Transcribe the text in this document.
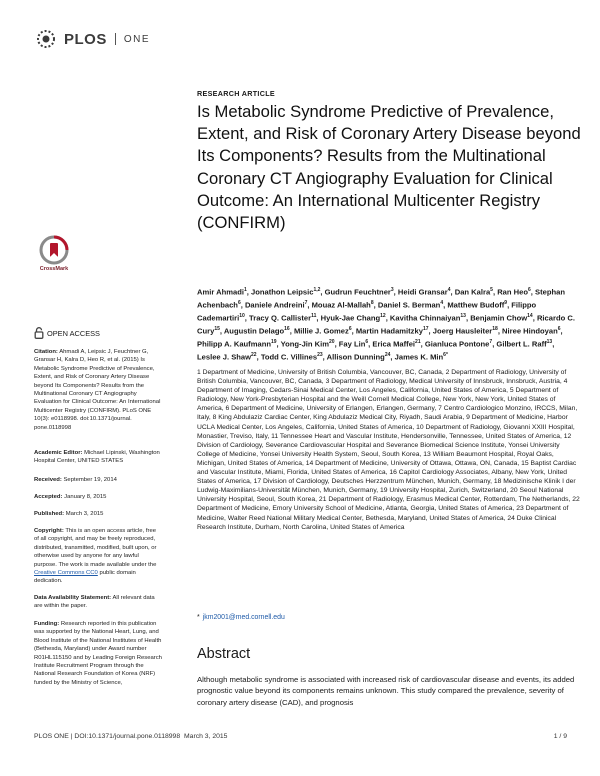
PLOS ONE
RESEARCH ARTICLE
Is Metabolic Syndrome Predictive of Prevalence, Extent, and Risk of Coronary Artery Disease beyond Its Components? Results from the Multinational Coronary CT Angiography Evaluation for Clinical Outcome: An International Multicenter Registry (CONFIRM)
CrossMark

Amir Ahmadi$^1$, Jonathon Leipsic$^{1,2}$, Gudrun Feuchtner$^3$, Heidi Gransar$^4$, Dan Kalra$^5$, Ran Heo$^6$, Stephan Achenbach$^6$, Daniele Andreini$^7$, Mouaz Al-Mallah$^8$, Daniel S. Berman$^4$, Matthew Budoff$^9$, Filippo Cademartiri$^{10}$, Tracy Q. Callister$^{11}$, Hyuk-Jae Chang$^{12}$, Kavitha Chinnaiyan$^{13}$, Benjamin Chow$^{14}$, Ricardo C. Cury$^{15}$, Augustin Delago$^{16}$, Millie J. Gomez$^6$, Martin Hadamitzky$^{17}$, Joerg Hausleiter$^{18}$, Niree Hindoyan$^6$, Philipp A. Kaufmann$^{19}$, Yong-Jin Kim$^{20}$, Fay Lin$^6$, Erica Maffei$^{21}$, Gianluca Pontone$^7$, Gilbert L. Raff$^{13}$, Leslee J. Shaw$^{22}$, Todd C. Villines$^{23}$, Allison Dunning$^{24}$, James K. Min$^{6*}$

1 Department of Medicine, University of British Columbia, Vancouver, BC, Canada, 2 Department of Radiology, University of British Columbia, Vancouver, BC, Canada, 3 Department of Radiology, Medical University of Innsbruck, Innsbruck, Austria, 4 Department of Imaging, Cedars-Sinai Medical Center, Los Angeles, California, United States of America, 5 Department of Radiology, New York-Presbyterian Hospital and the Weill Cornell Medical College, New York, New York, United States of America, 6 Department of Medicine, University of Erlangen, Erlangen, Germany, 7 Centro Cardiologico Monzino, IRCCS, Milan, Italy, 8 King Abdulaziz Cardiac Center, King Abdulaziz Medical City, Riyadh, Saudi Arabia, 9 Department of Medicine, Harbor UCLA Medical Center, Los Angeles, California, United States of America, 10 Department of Radiology, Giovanni XXIII Hospital, Monastier, Treviso, Italy, 11 Tennessee Heart and Vascular Institute, Hendersonville, Tennessee, United States of America, 12 Division of Cardiology, Severance Cardiovascular Hospital and Severance Biomedical Science Institute, Yonsei University College of Medicine, Yonsei University Health System, Seoul, South Korea, 13 William Beaumont Hospital, Royal Oaks, Michigan, United States of America, 14 Department of Medicine, University of Ottawa, Ottawa, ON, Canada, 15 Baptist Cardiac and Vascular Institute, Miami, Florida, United States of America, 16 Capitol Cardiology Associates, Albany, New York, United States of America, 17 Division of Cardiology, Deutsches Herzzentrum München, Munich, Germany, 18 Medizinische Klinik I der Ludwig-Maximilians-Universität München, Munich, Germany, 19 University Hospital, Zurich, Switzerland, 20 Seoul National University Hospital, Seoul, South Korea, 21 Department of Radiology, Erasmus Medical Center, Rotterdam, The Netherlands, 22 Department of Medicine, Emory University School of Medicine, Atlanta, Georgia, United States of America, 23 Department of Medicine, Walter Reed National Military Medical Center, Bethesda, Maryland, United States of America, 24 Duke Clinical Research Institute, Durham, North Carolina, United States of America

* jkm2001@med.cornell.edu
Abstract

Although metabolic syndrome is associated with increased risk of cardiovascular disease and events, its added prognostic value beyond its components remains unknown. This study compared the prevalence, severity of coronary artery disease (CAD), and prognosis

OPEN ACCESS

Citation: Ahmadi A, Leipsic J, Feuchtner G, Gransar H, Kalra D, Heo R, et al. (2015) Is Metabolic Syndrome Predictive of Prevalence, Extent, and Risk of Coronary Artery Disease beyond Its Components? Results from the Multinational Coronary CT Angiography Evaluation for Clinical Outcome: An International Multicenter Registry (CONFIRM). PLoS ONE 10(3): e0118998. doi:10.1371/journal. pone.0118998

Academic Editor: Michael Lipinski, Washington Hospital Center, UNITED STATES

Received: September 19, 2014

Accepted: January 8, 2015

Published: March 3, 2015

Copyright: This is an open access article, free of all copyright, and may be freely reproduced, distributed, transmitted, modified, built upon, or otherwise used by anyone for any lawful purpose. The work is made available under the Creative Commons CC0 public domain dedication.

Data Availability Statement: All relevant data are within the paper.

Funding: Research reported in this publication was supported by the National Heart, Lung, and Blood Institute of the National Institutes of Health (Bethesda, Maryland) under Award number R01HL115150 and by Leading Foreign Research Institute Recruitment Program through the National Research Foundation of Korea (NRF) funded by the Ministry of Science,

PLOS ONE | DOI:10.1371/journal.pone.0118998 March 3, 2015	1 / 9
